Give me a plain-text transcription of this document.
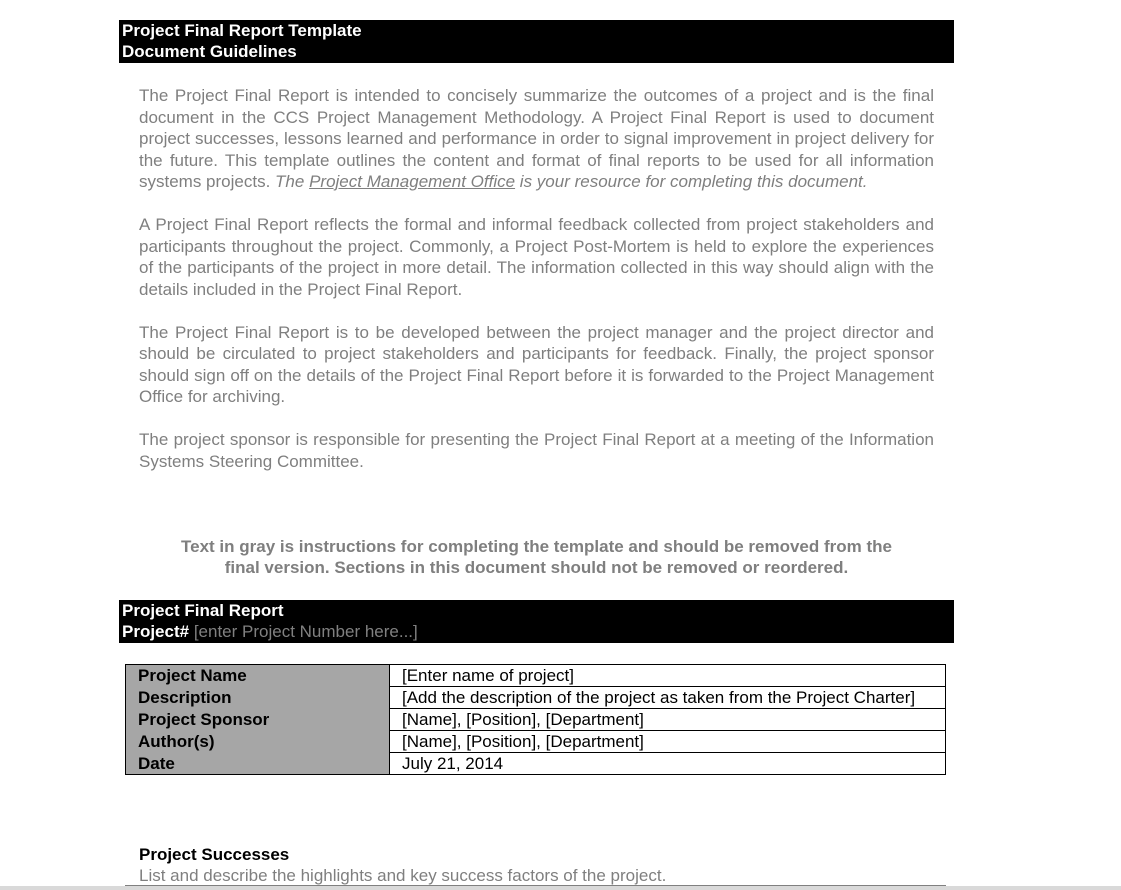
Project Final Report Template
Document Guidelines

The Project Final Report is intended to concisely summarize the outcomes of a project and is the final document in the CCS Project Management Methodology. A Project Final Report is used to document project successes, lessons learned and performance in order to signal improvement in project delivery for the future. This template outlines the content and format of final reports to be used for all information systems projects. The Project Management Office is your resource for completing this document.

A Project Final Report reflects the formal and informal feedback collected from project stakeholders and participants throughout the project. Commonly, a Project Post-Mortem is held to explore the experiences of the participants of the project in more detail. The information collected in this way should align with the details included in the Project Final Report.

The Project Final Report is to be developed between the project manager and the project director and should be circulated to project stakeholders and participants for feedback. Finally, the project sponsor should sign off on the details of the Project Final Report before it is forwarded to the Project Management Office for archiving.

The project sponsor is responsible for presenting the Project Final Report at a meeting of the Information Systems Steering Committee.

Text in gray is instructions for completing the template and should be removed from the
final version. Sections in this document should not be removed or reordered.
Project Final Report
Project# [enter Project Number here...]
Project Name	[Enter name of project]
Description	[Add the description of the project as taken from the Project Charter]
Project Sponsor	[Name], [Position], [Department]
Author(s)	[Name], [Position], [Department]
Date	July 21, 2014
Project Successes
List and describe the highlights and key success factors of the project.
